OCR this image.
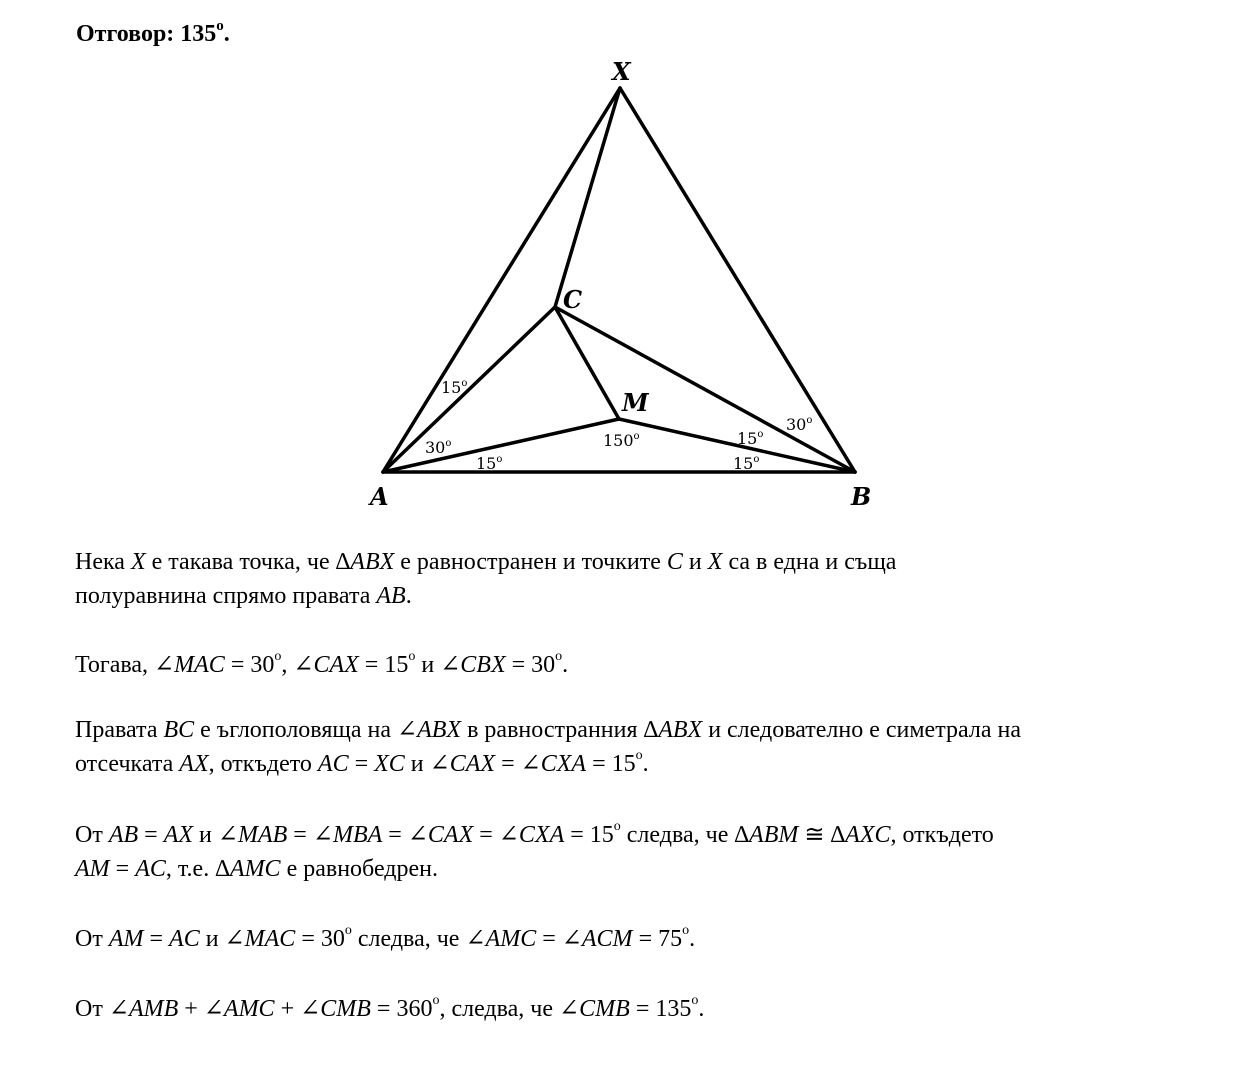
Отговор: 135$^o$.
X
C
M
A	B
15$^o$
30$^o$
15$^o$
150$^o$	15$^o$
30$^o$
15$^o$

Нека X е такава точка, че ∆ABX е равностранен и точките C и X са в една и съща
полуравнина спрямо правата AB.

Тогава, ∠MAC = $30^o$, ∠CAX = $15^o$ и ∠CBX = $30^o$.

Правата BC е ъглополовяща на ∠ABX в равностранния ∆ABX и следователно е симетрала на
отсечката AX, откъдето AC = XC и ∠CAX = ∠CXA = $15^o$.

От AB = AX и ∠MAB = ∠MBA = ∠CAX = ∠CXA = $15^o$ следва, че ∆ABM ≅ ∆AXC, откъдето
AM = AC, т.е. ∆AMC е равнобедрен.

От AM = AC и ∠MAC = $30^o$ следва, че ∠AMC = ∠ACM = $75^o$.

От ∠AMB + ∠AMC + ∠CMB = $360^o$, следва, че ∠CMB = $135^o$.
